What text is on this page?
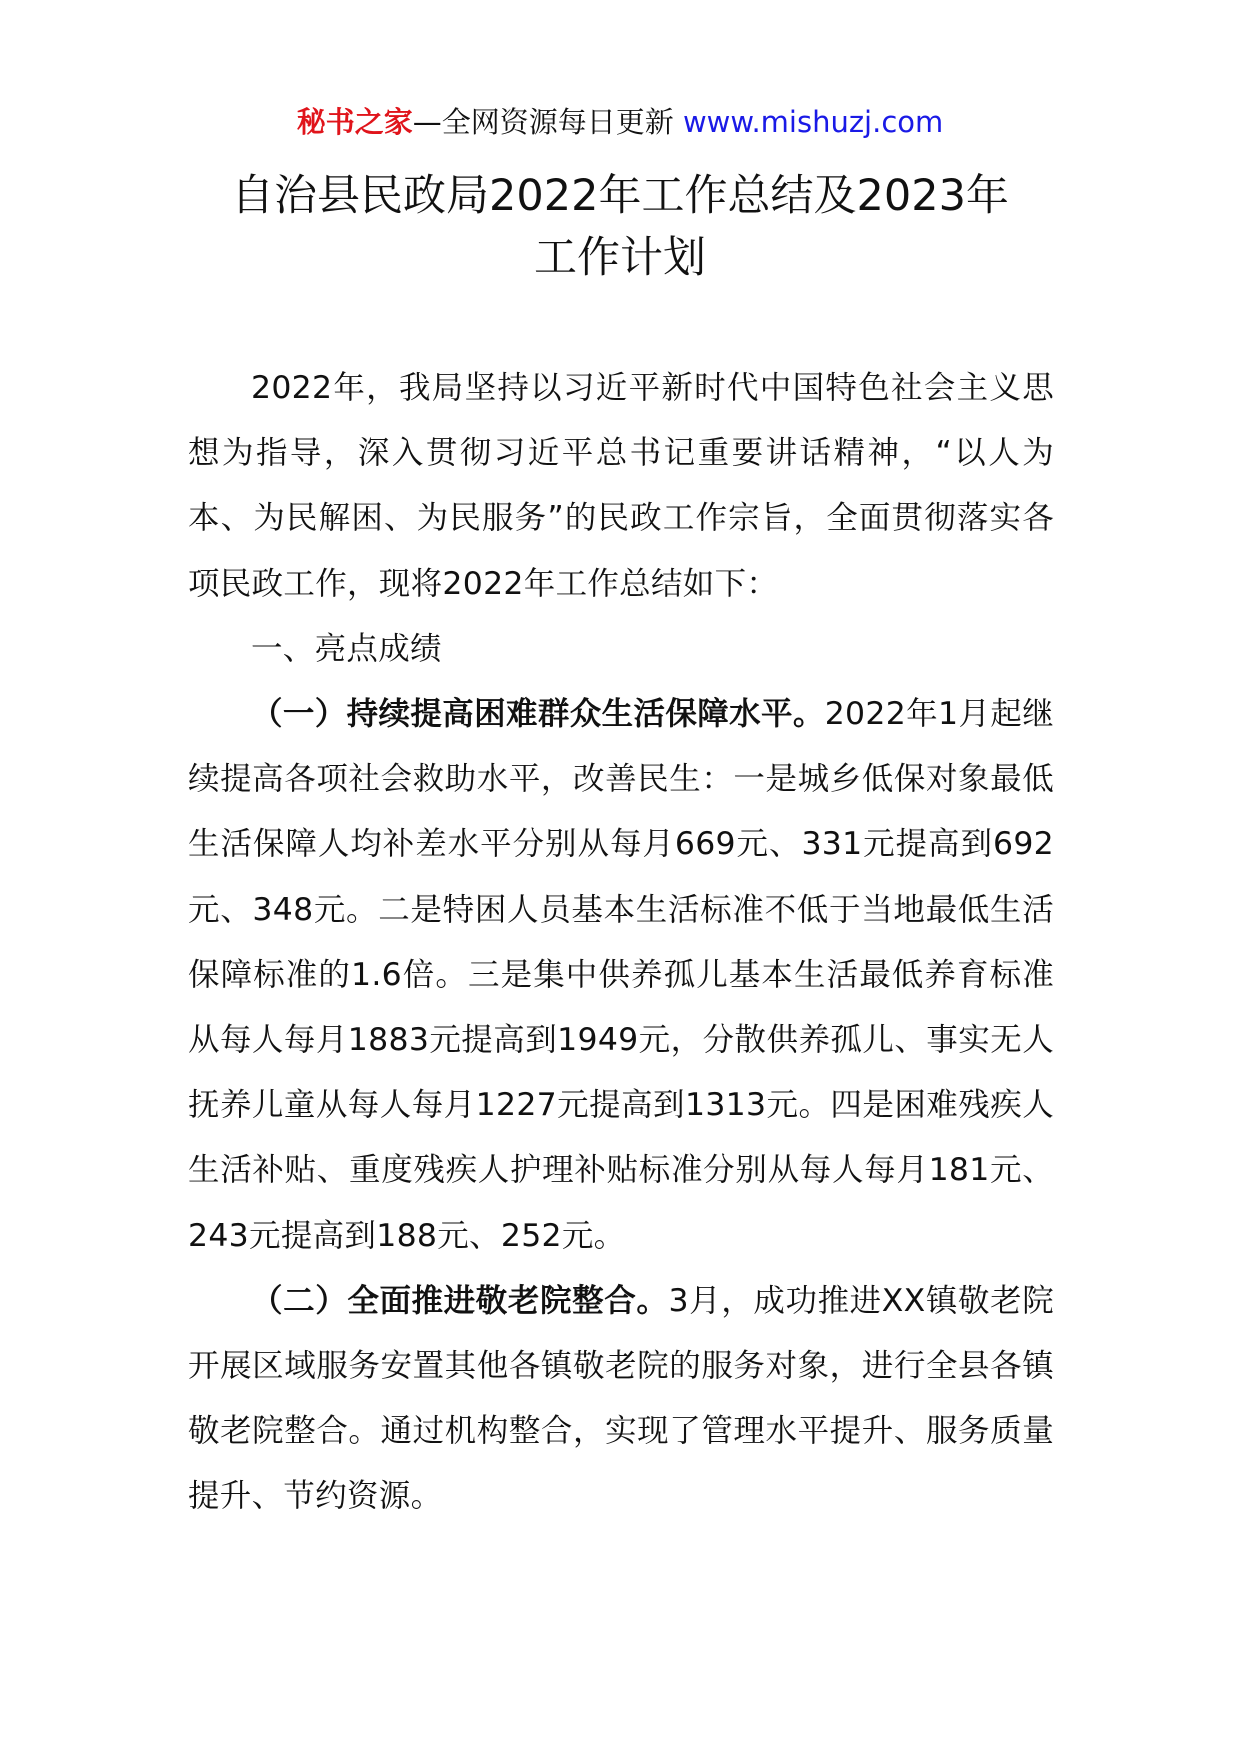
秘书之家—全网资源每日更新 www.mishuzj.com
自治县民政局2022年工作总结及2023年
工作计划

2022年，我局坚持以习近平新时代中国特色社会主义思想为指导，深入贯彻习近平总书记重要讲话精神，“以人为本、为民解困、为民服务”的民政工作宗旨，全面贯彻落实各项民政工作，现将2022年工作总结如下：

一、亮点成绩

（一）持续提高困难群众生活保障水平。2022年1月起继续提高各项社会救助水平，改善民生：一是城乡低保对象最低生活保障人均补差水平分别从每月669元、331元提高到692元、348元。二是特困人员基本生活标准不低于当地最低生活保障标准的1.6倍。三是集中供养孤儿基本生活最低养育标准从每人每月1883元提高到1949元，分散供养孤儿、事实无人抚养儿童从每人每月1227元提高到1313元。四是困难残疾人生活补贴、重度残疾人护理补贴标准分别从每人每月181元、243元提高到188元、252元。

（二）全面推进敬老院整合。3月，成功推进XX镇敬老院开展区域服务安置其他各镇敬老院的服务对象，进行全县各镇敬老院整合。通过机构整合，实现了管理水平提升、服务质量提升、节约资源。
